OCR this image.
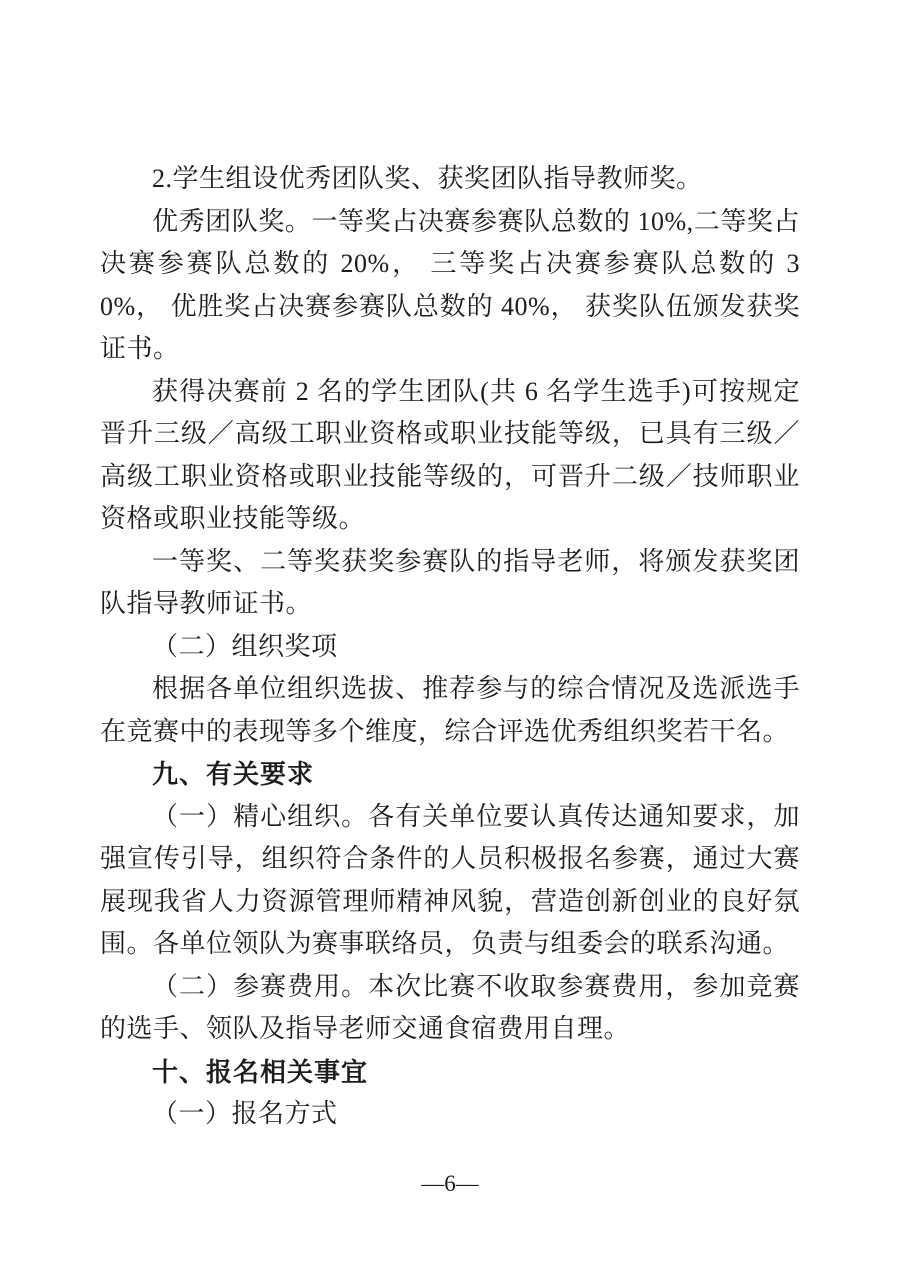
2.学生组设优秀团队奖、获奖团队指导教师奖。

优秀团队奖。一等奖占决赛参赛队总数的 10%,二等奖占决赛参赛队总数的 20%， 三等奖占决赛参赛队总数的 30%， 优胜奖占决赛参赛队总数的 40%， 获奖队伍颁发获奖证书。

获得决赛前 2 名的学生团队(共 6 名学生选手)可按规定晋升三级／高级工职业资格或职业技能等级，已具有三级／高级工职业资格或职业技能等级的，可晋升二级／技师职业资格或职业技能等级。

一等奖、二等奖获奖参赛队的指导老师，将颁发获奖团队指导教师证书。

（二）组织奖项

根据各单位组织选拔、推荐参与的综合情况及选派选手在竞赛中的表现等多个维度，综合评选优秀组织奖若干名。

九、有关要求

（一）精心组织。各有关单位要认真传达通知要求，加强宣传引导，组织符合条件的人员积极报名参赛，通过大赛展现我省人力资源管理师精神风貌，营造创新创业的良好氛围。各单位领队为赛事联络员，负责与组委会的联系沟通。

（二）参赛费用。本次比赛不收取参赛费用，参加竞赛的选手、领队及指导老师交通食宿费用自理。

十、报名相关事宜

（一）报名方式

—6—
